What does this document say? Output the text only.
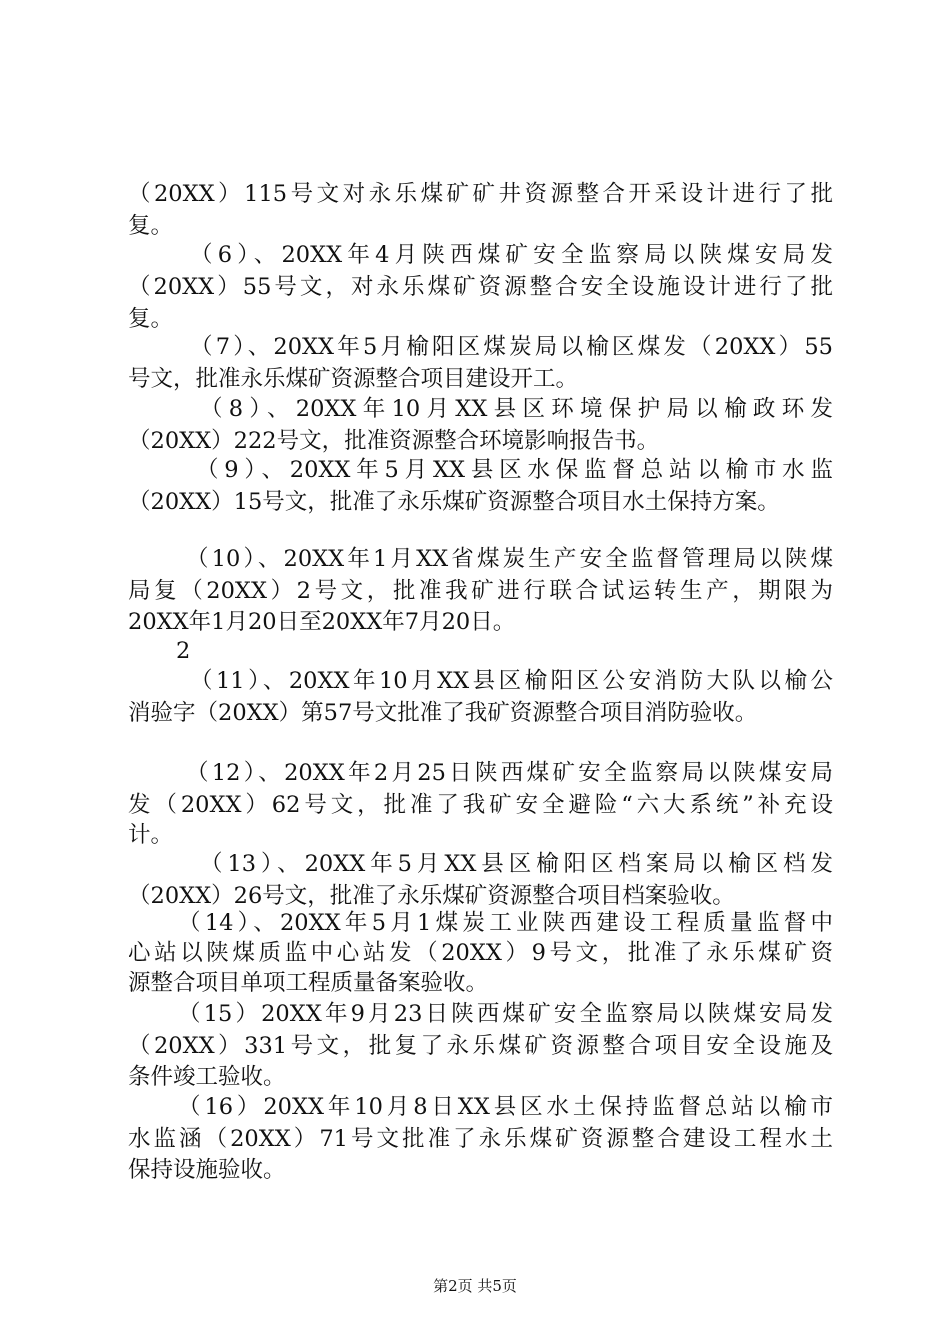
（20XX）115号文对永乐煤矿矿井资源整合开采设计进行了批
复。
（6）、20XX年4月陕西煤矿安全监察局以陕煤安局发
（20XX）55号文，对永乐煤矿资源整合安全设施设计进行了批
复。
（7）、20XX年5月榆阳区煤炭局以榆区煤发（20XX）55
号文，批准永乐煤矿资源整合项目建设开工。
（8）、20XX年10月XX县区环境保护局以榆政环发
（20XX）222号文，批准资源整合环境影响报告书。
（9）、20XX年5月XX县区水保监督总站以榆市水监
（20XX）15号文，批准了永乐煤矿资源整合项目水土保持方案。
（10）、20XX年1月XX省煤炭生产安全监督管理局以陕煤
局复（20XX）2号文，批准我矿进行联合试运转生产，期限为
20XX年1月20日至20XX年7月20日。
2
（11）、20XX年10月XX县区榆阳区公安消防大队以榆公
消验字（20XX）第57号文批准了我矿资源整合项目消防验收。
（12）、20XX年2月25日陕西煤矿安全监察局以陕煤安局
发（20XX）62号文，批准了我矿安全避险“六大系统”补充设
计。
（13）、20XX年5月XX县区榆阳区档案局以榆区档发
（20XX）26号文，批准了永乐煤矿资源整合项目档案验收。
（14）、20XX年5月1煤炭工业陕西建设工程质量监督中
心站以陕煤质监中心站发（20XX）9号文，批准了永乐煤矿资
源整合项目单项工程质量备案验收。
（15）20XX年9月23日陕西煤矿安全监察局以陕煤安局发
（20XX）331号文，批复了永乐煤矿资源整合项目安全设施及
条件竣工验收。
（16）20XX年10月8日XX县区水土保持监督总站以榆市
水监涵（20XX）71号文批准了永乐煤矿资源整合建设工程水土
保持设施验收。
第2页 共5页
